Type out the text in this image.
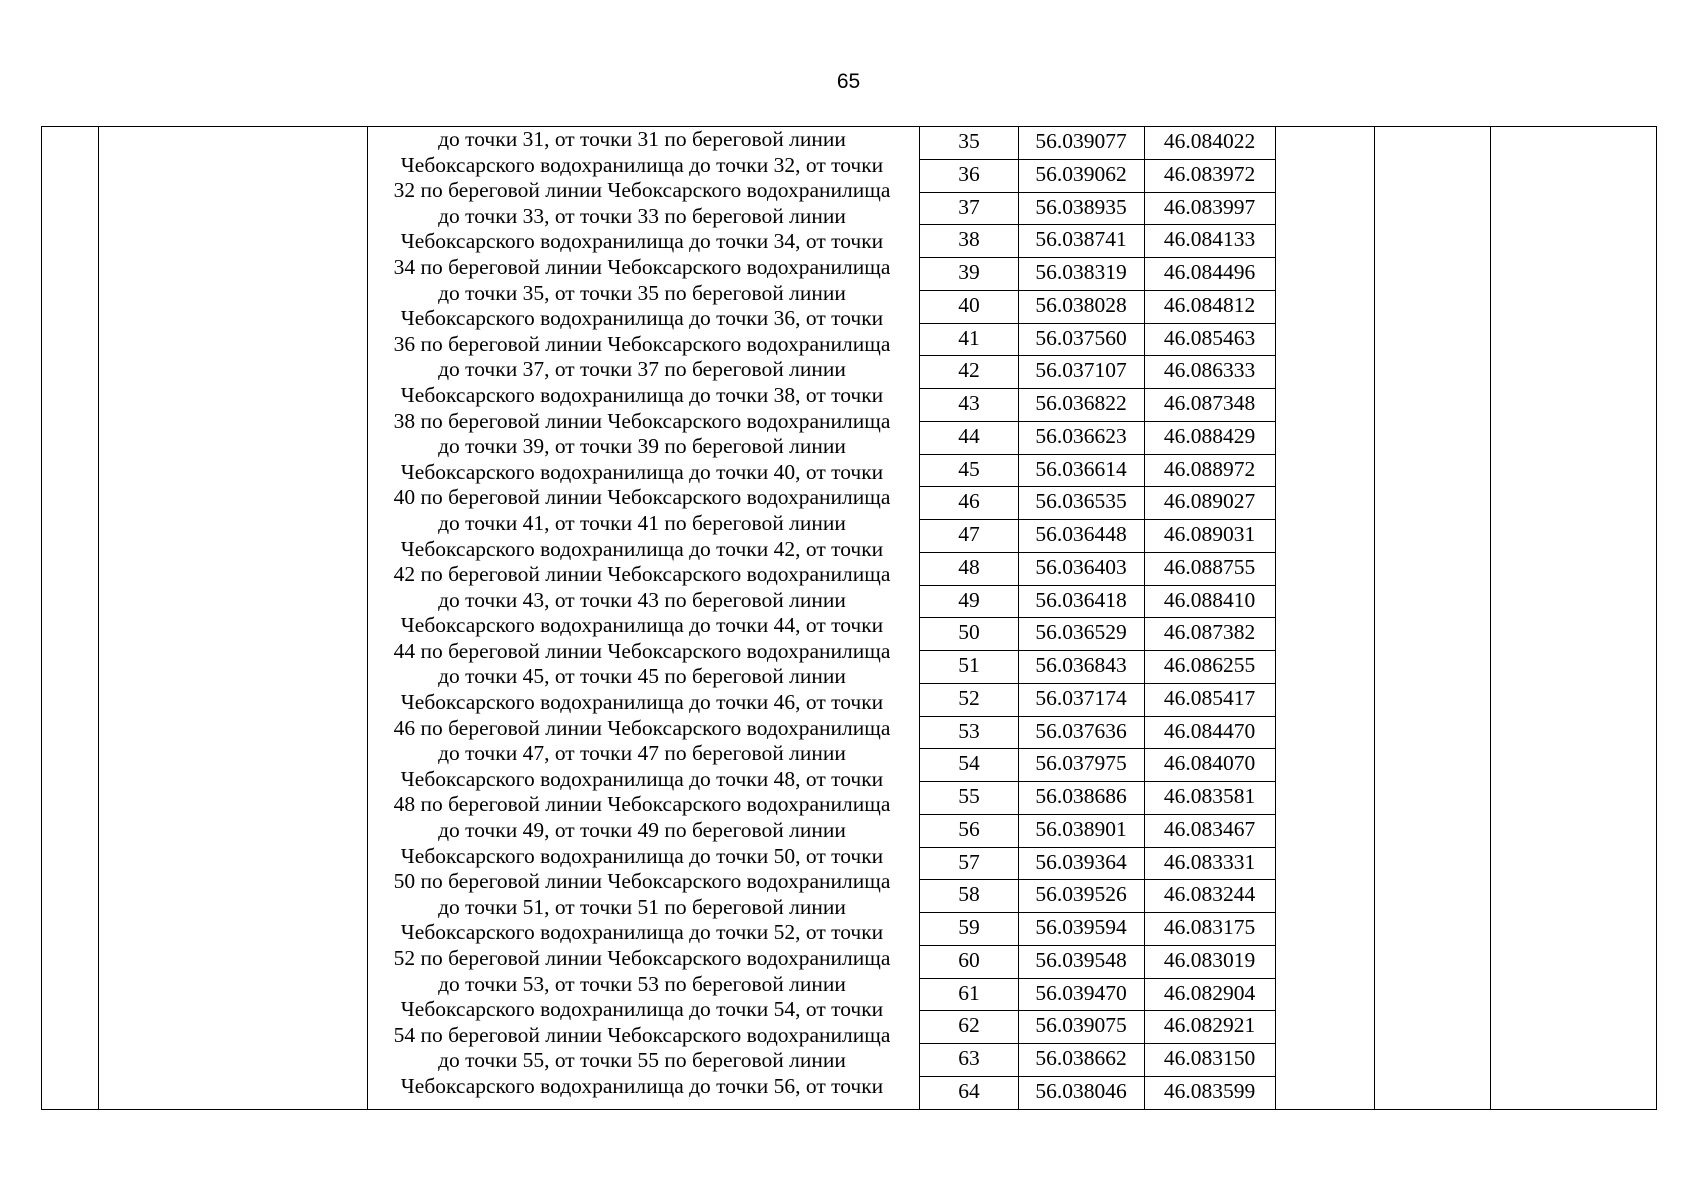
65
до точки 31, от точки 31 по береговой линии
Чебоксарского водохранилища до точки 32, от точки
32 по береговой линии Чебоксарского водохранилища
до точки 33, от точки 33 по береговой линии
Чебоксарского водохранилища до точки 34, от точки
34 по береговой линии Чебоксарского водохранилища
до точки 35, от точки 35 по береговой линии
Чебоксарского водохранилища до точки 36, от точки
36 по береговой линии Чебоксарского водохранилища
до точки 37, от точки 37 по береговой линии
Чебоксарского водохранилища до точки 38, от точки
38 по береговой линии Чебоксарского водохранилища
до точки 39, от точки 39 по береговой линии
Чебоксарского водохранилища до точки 40, от точки
40 по береговой линии Чебоксарского водохранилища
до точки 41, от точки 41 по береговой линии
Чебоксарского водохранилища до точки 42, от точки
42 по береговой линии Чебоксарского водохранилища
до точки 43, от точки 43 по береговой линии
Чебоксарского водохранилища до точки 44, от точки
44 по береговой линии Чебоксарского водохранилища
до точки 45, от точки 45 по береговой линии
Чебоксарского водохранилища до точки 46, от точки
46 по береговой линии Чебоксарского водохранилища
до точки 47, от точки 47 по береговой линии
Чебоксарского водохранилища до точки 48, от точки
48 по береговой линии Чебоксарского водохранилища
до точки 49, от точки 49 по береговой линии
Чебоксарского водохранилища до точки 50, от точки
50 по береговой линии Чебоксарского водохранилища
до точки 51, от точки 51 по береговой линии
Чебоксарского водохранилища до точки 52, от точки
52 по береговой линии Чебоксарского водохранилища
до точки 53, от точки 53 по береговой линии
Чебоксарского водохранилища до точки 54, от точки
54 по береговой линии Чебоксарского водохранилища
до точки 55, от точки 55 по береговой линии
Чебоксарского водохранилища до точки 56, от точки
35	56.039077	46.084022
36	56.039062	46.083972
37	56.038935	46.083997
38	56.038741	46.084133
39	56.038319	46.084496
40	56.038028	46.084812
41	56.037560	46.085463
42	56.037107	46.086333
43	56.036822	46.087348
44	56.036623	46.088429
45	56.036614	46.088972
46	56.036535	46.089027
47	56.036448	46.089031
48	56.036403	46.088755
49	56.036418	46.088410
50	56.036529	46.087382
51	56.036843	46.086255
52	56.037174	46.085417
53	56.037636	46.084470
54	56.037975	46.084070
55	56.038686	46.083581
56	56.038901	46.083467
57	56.039364	46.083331
58	56.039526	46.083244
59	56.039594	46.083175
60	56.039548	46.083019
61	56.039470	46.082904
62	56.039075	46.082921
63	56.038662	46.083150
64	56.038046	46.083599
